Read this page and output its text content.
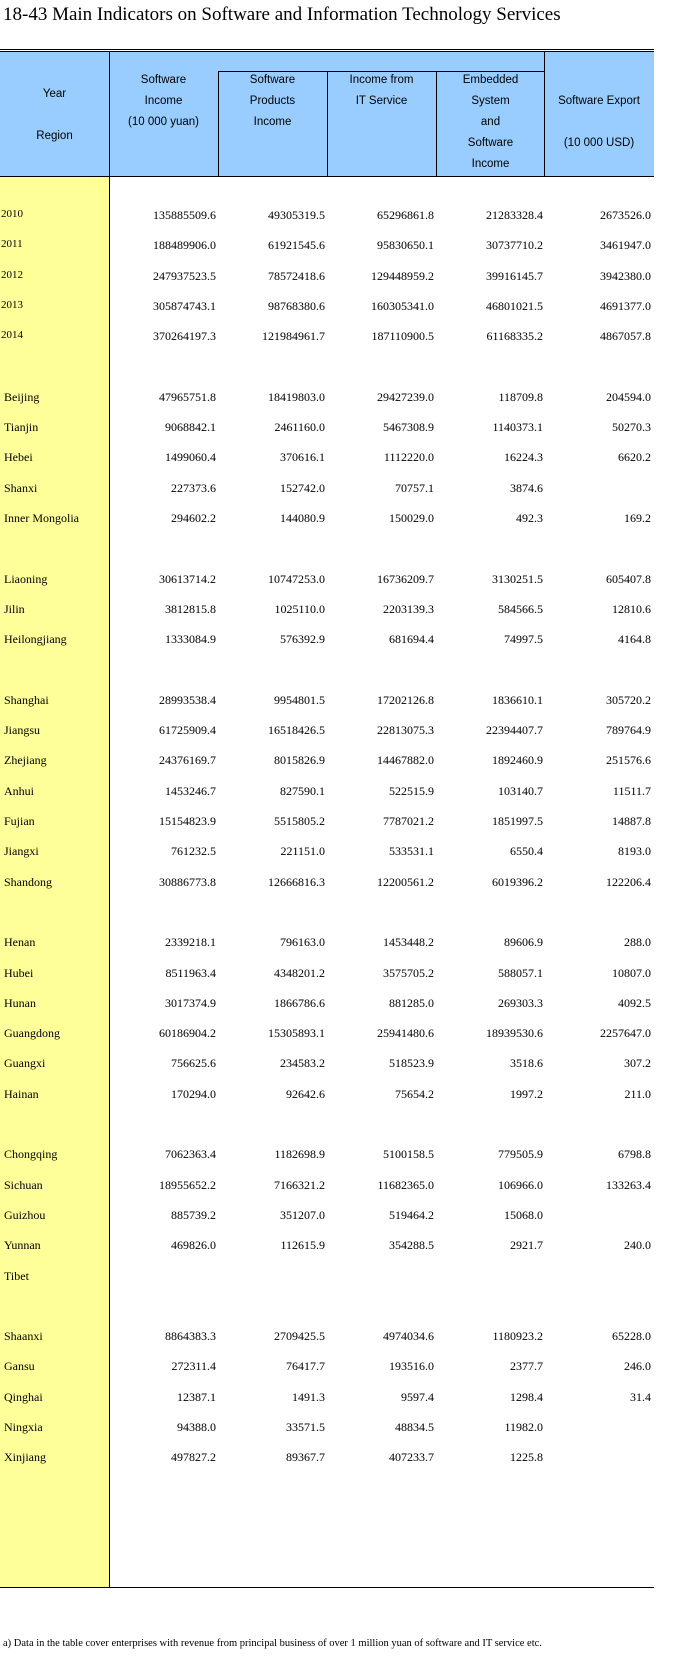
18-43 Main Indicators on Software and Information Technology Services
Year

Region
Software
Income
(10 000 yuan)
Software
Products
Income
Income from
IT Service
Embedded
System
and
Software
Income
Software Export

(10 000 USD)
2010	135885509.6	49305319.5	65296861.8	21283328.4	2673526.0
2011	188489906.0	61921545.6	95830650.1	30737710.2	3461947.0
2012	247937523.5	78572418.6	129448959.2	39916145.7	3942380.0
2013	305874743.1	98768380.6	160305341.0	46801021.5	4691377.0
2014	370264197.3	121984961.7	187110900.5	61168335.2	4867057.8
Beijing	47965751.8	18419803.0	29427239.0	118709.8	204594.0
Tianjin	9068842.1	2461160.0	5467308.9	1140373.1	50270.3
Hebei	1499060.4	370616.1	1112220.0	16224.3	6620.2
Shanxi	227373.6	152742.0	70757.1	3874.6
Inner Mongolia	294602.2	144080.9	150029.0	492.3	169.2
Liaoning	30613714.2	10747253.0	16736209.7	3130251.5	605407.8
Jilin	3812815.8	1025110.0	2203139.3	584566.5	12810.6
Heilongjiang	1333084.9	576392.9	681694.4	74997.5	4164.8
Shanghai	28993538.4	9954801.5	17202126.8	1836610.1	305720.2
Jiangsu	61725909.4	16518426.5	22813075.3	22394407.7	789764.9
Zhejiang	24376169.7	8015826.9	14467882.0	1892460.9	251576.6
Anhui	1453246.7	827590.1	522515.9	103140.7	11511.7
Fujian	15154823.9	5515805.2	7787021.2	1851997.5	14887.8
Jiangxi	761232.5	221151.0	533531.1	6550.4	8193.0
Shandong	30886773.8	12666816.3	12200561.2	6019396.2	122206.4
Henan	2339218.1	796163.0	1453448.2	89606.9	288.0
Hubei	8511963.4	4348201.2	3575705.2	588057.1	10807.0
Hunan	3017374.9	1866786.6	881285.0	269303.3	4092.5
Guangdong	60186904.2	15305893.1	25941480.6	18939530.6	2257647.0
Guangxi	756625.6	234583.2	518523.9	3518.6	307.2
Hainan	170294.0	92642.6	75654.2	1997.2	211.0
Chongqing	7062363.4	1182698.9	5100158.5	779505.9	6798.8
Sichuan	18955652.2	7166321.2	11682365.0	106966.0	133263.4
Guizhou	885739.2	351207.0	519464.2	15068.0
Yunnan	469826.0	112615.9	354288.5	2921.7	240.0
Tibet
Shaanxi	8864383.3	2709425.5	4974034.6	1180923.2	65228.0
Gansu	272311.4	76417.7	193516.0	2377.7	246.0
Qinghai	12387.1	1491.3	9597.4	1298.4	31.4
Ningxia	94388.0	33571.5	48834.5	11982.0
Xinjiang	497827.2	89367.7	407233.7	1225.8
a) Data in the table cover enterprises with revenue from principal business of over 1 million yuan of software and IT service etc.
